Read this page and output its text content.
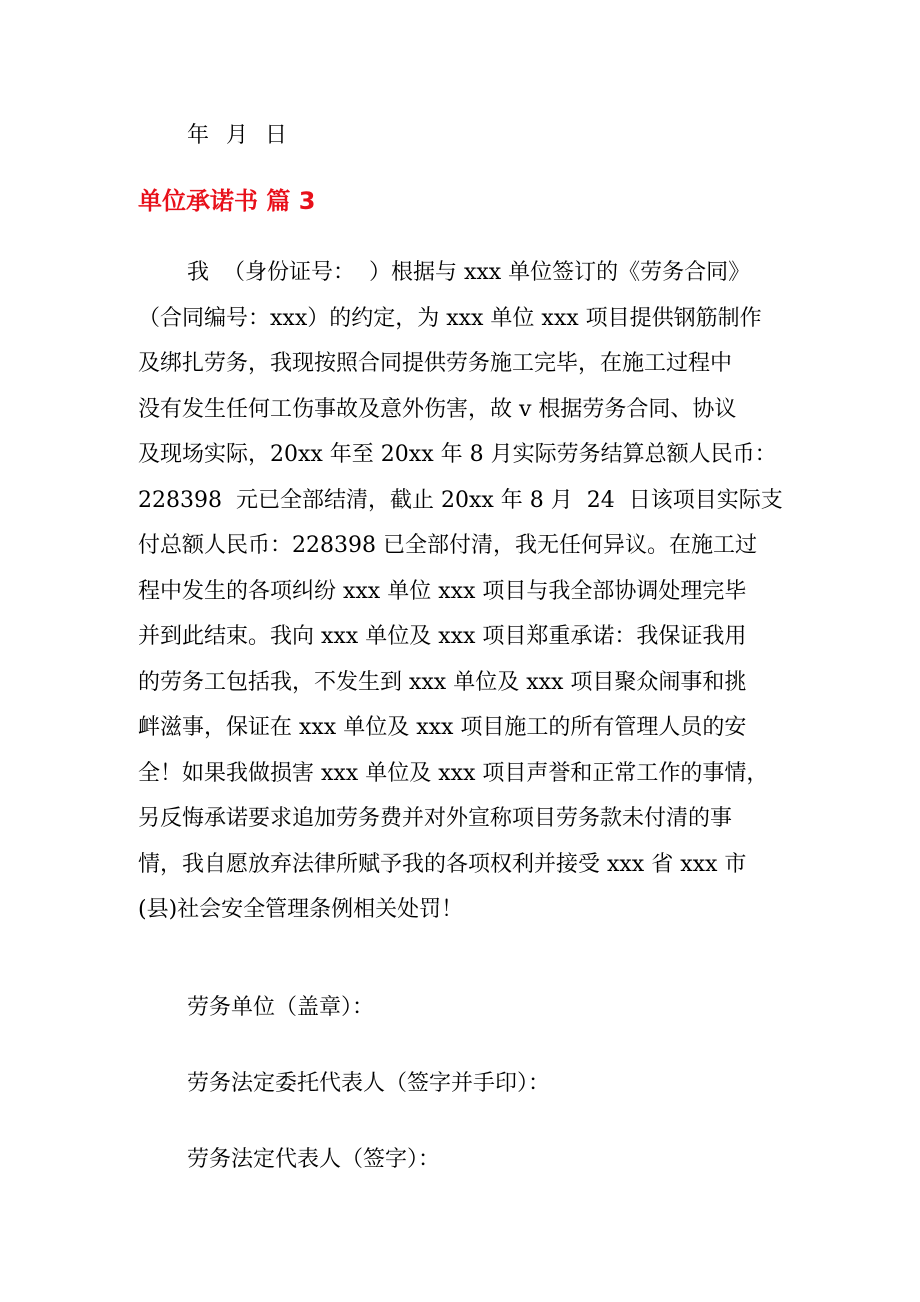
年  月  日
单位承诺书 篇 3
我  （身份证号：  ）根据与 xxx 单位签订的《劳务合同》
（合同编号：xxx）的约定，为 xxx 单位 xxx 项目提供钢筋制作
及绑扎劳务，我现按照合同提供劳务施工完毕，在施工过程中
没有发生任何工伤事故及意外伤害，故 v 根据劳务合同、协议
及现场实际，20xx 年至 20xx 年 8 月实际劳务结算总额人民币：
228398  元已全部结清，截止 20xx 年 8 月  24  日该项目实际支
付总额人民币：228398 已全部付清，我无任何异议。在施工过
程中发生的各项纠纷 xxx 单位 xxx 项目与我全部协调处理完毕
并到此结束。我向 xxx 单位及 xxx 项目郑重承诺：我保证我用
的劳务工包括我，不发生到 xxx 单位及 xxx 项目聚众闹事和挑
衅滋事，保证在 xxx 单位及 xxx 项目施工的所有管理人员的安
全！如果我做损害 xxx 单位及 xxx 项目声誉和正常工作的事情，
另反悔承诺要求追加劳务费并对外宣称项目劳务款未付清的事
情，我自愿放弃法律所赋予我的各项权利并接受 xxx 省 xxx 市
(县)社会安全管理条例相关处罚！
劳务单位（盖章）：
劳务法定委托代表人（签字并手印）：
劳务法定代表人（签字）：
